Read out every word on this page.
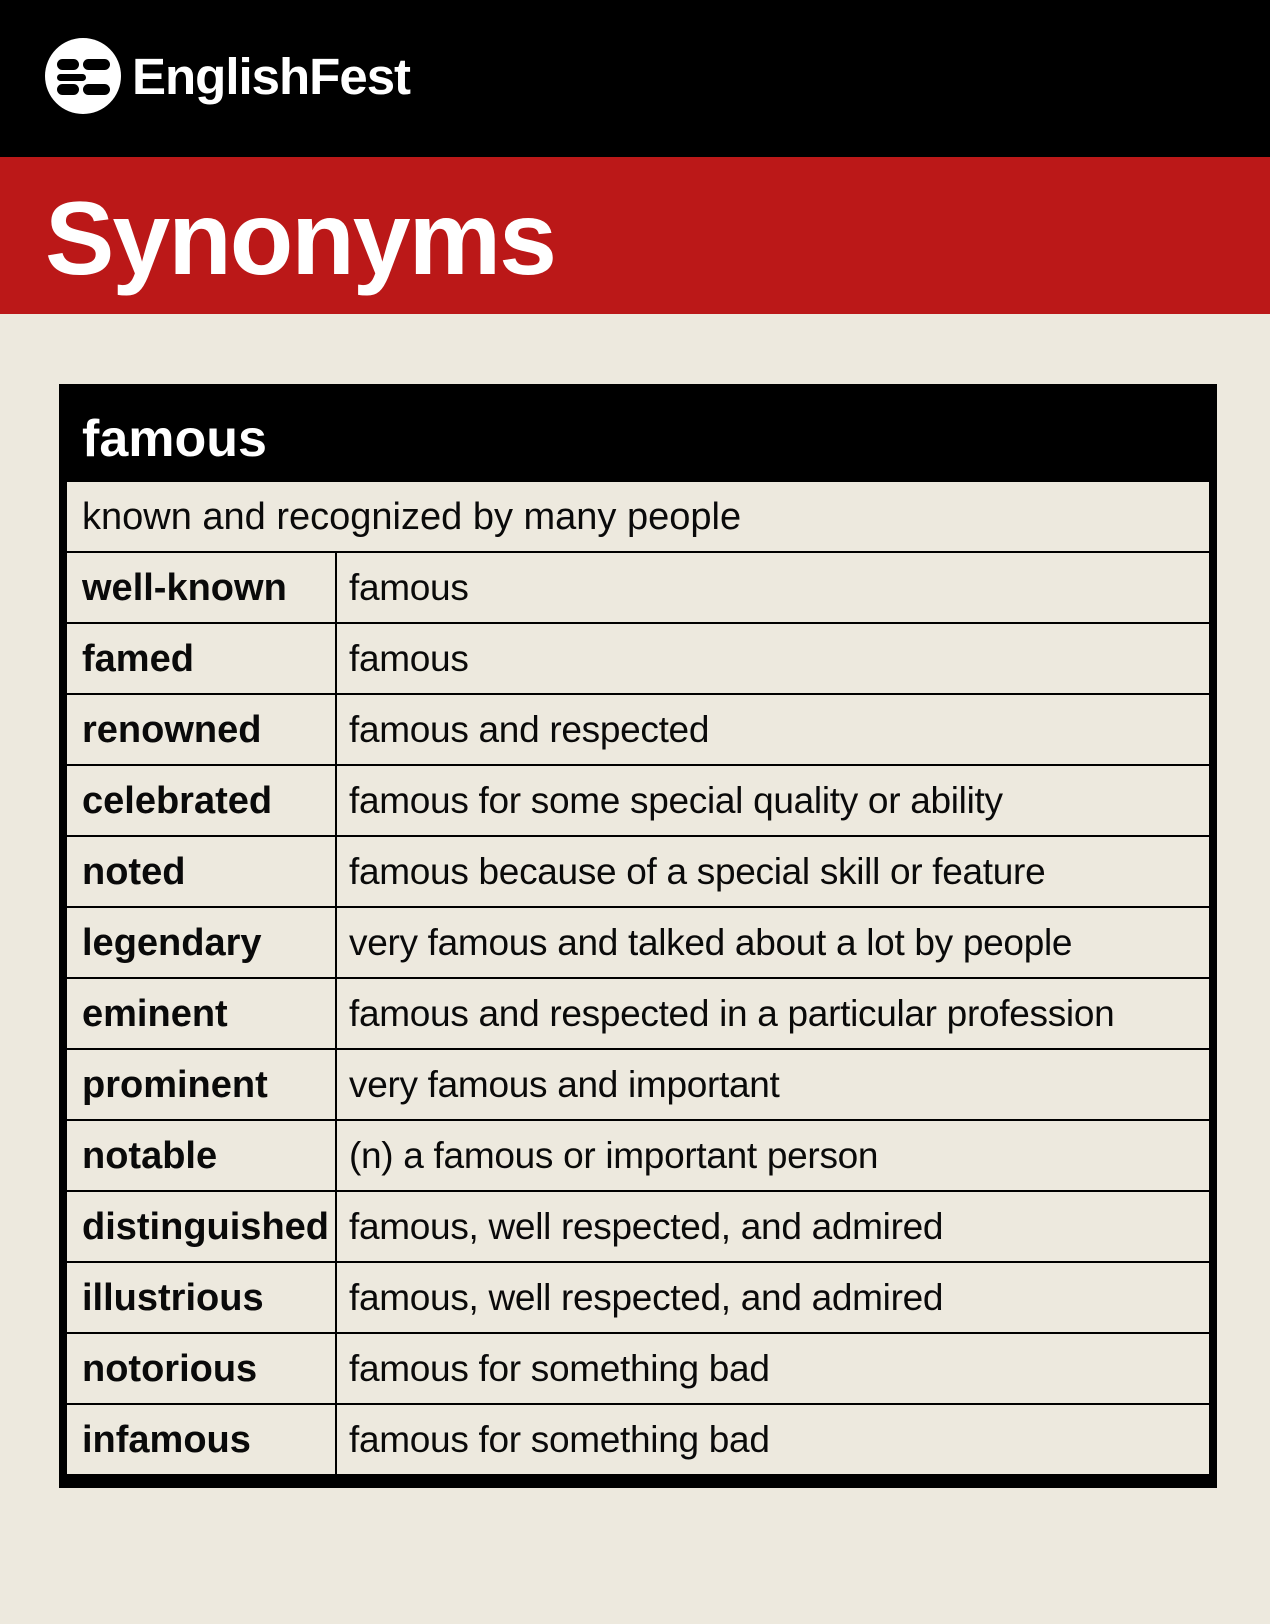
EnglishFest
Synonyms
famous
known and recognized by many people
well-known	famous
famed	famous
renowned	famous and respected
celebrated	famous for some special quality or ability
noted	famous because of a special skill or feature
legendary	very famous and talked about a lot by people
eminent	famous and respected in a particular profession
prominent	very famous and important
notable	(n) a famous or important person
distinguished famous, well respected, and admired
illustrious	famous, well respected, and admired
notorious	famous for something bad
infamous	famous for something bad
